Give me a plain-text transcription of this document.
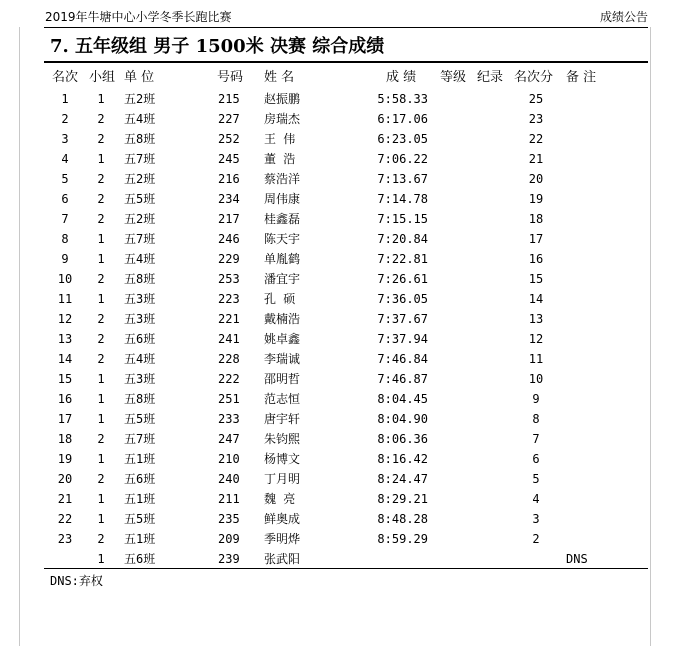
2019年牛塘中心小学冬季长跑比赛	成绩公告
7. 五年级组 男子 1500米 决赛 综合成绩
名次 小组 单 位	号码 姓 名	成 绩 等级 纪录 名次分 备 注
1	1 五2班	215 赵振鹏	5:58.33	25
2	2 五4班	227 房瑞杰	6:17.06	23
3	2 五8班	252 王 伟	6:23.05	22
4	1 五7班	245 董 浩	7:06.22	21
5	2 五2班	216 蔡浩洋	7:13.67	20
6	2 五5班	234 周伟康	7:14.78	19
7	2 五2班	217 桂鑫磊	7:15.15	18
8	1 五7班	246 陈天宇	7:20.84	17
9	1 五4班	229 单胤鹤	7:22.81	16
10 2 五8班	253 潘宜宇	7:26.61	15
11 1 五3班	223 孔 硕	7:36.05	14
12 2 五3班	221 戴楠浩	7:37.67	13
13 2 五6班	241 姚卓鑫	7:37.94	12
14 2 五4班	228 李瑞诚	7:46.84	11
15 1 五3班	222 邵明哲	7:46.87	10
16 1 五8班	251 范志恒	8:04.45	9
17 1 五5班	233 唐宇轩	8:04.90	8
18 2 五7班	247 朱钧熙	8:06.36	7
19 1 五1班	210 杨博文	8:16.42	6
20 2 五6班	240 丁月明	8:24.47	5
21 1 五1班	211 魏 亮	8:29.21	4
22 1 五5班	235 鲜奥成	8:48.28	3
23 2 五1班	209 季明烨	8:59.29	2
1 五6班	239 张武阳	DNS
DNS:弃权
